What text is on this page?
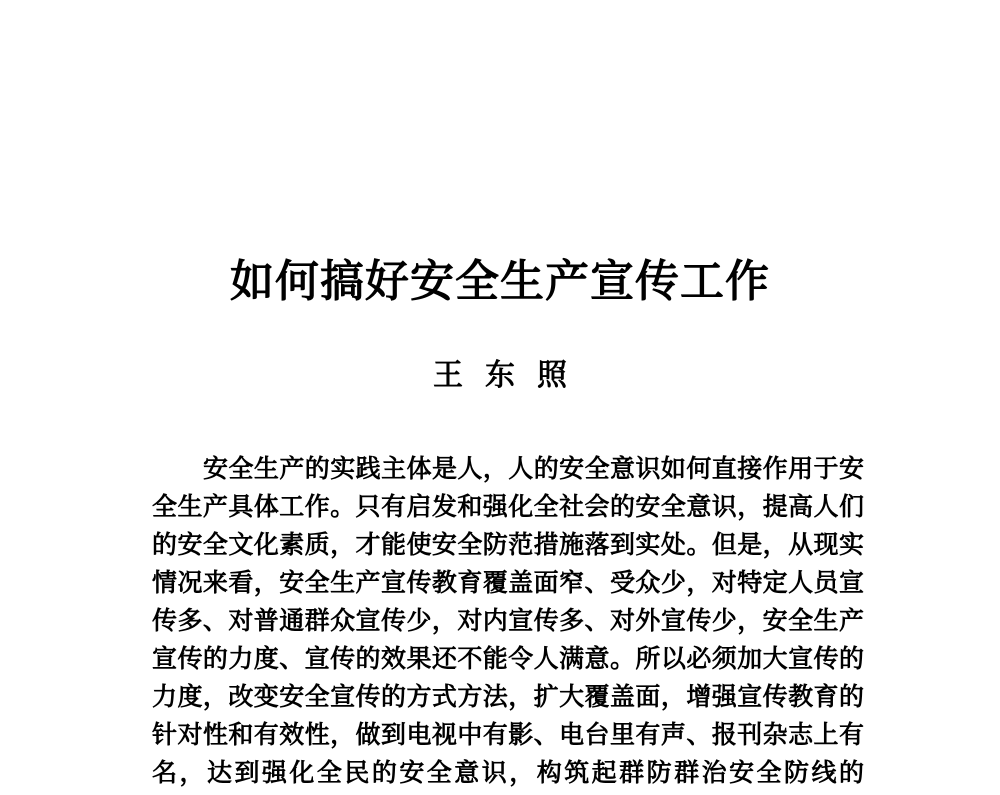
如何搞好安全生产宣传工作
王东照
安全生产的实践主体是人，人的安全意识如何直接作用于安
全生产具体工作。只有启发和强化全社会的安全意识，提高人们
的安全文化素质，才能使安全防范措施落到实处。但是，从现实
情况来看，安全生产宣传教育覆盖面窄、受众少，对特定人员宣
传多、对普通群众宣传少，对内宣传多、对外宣传少，安全生产
宣传的力度、宣传的效果还不能令人满意。所以必须加大宣传的
力度，改变安全宣传的方式方法，扩大覆盖面，增强宣传教育的
针对性和有效性，做到电视中有影、电台里有声、报刊杂志上有
名，达到强化全民的安全意识，构筑起群防群治安全防线的
